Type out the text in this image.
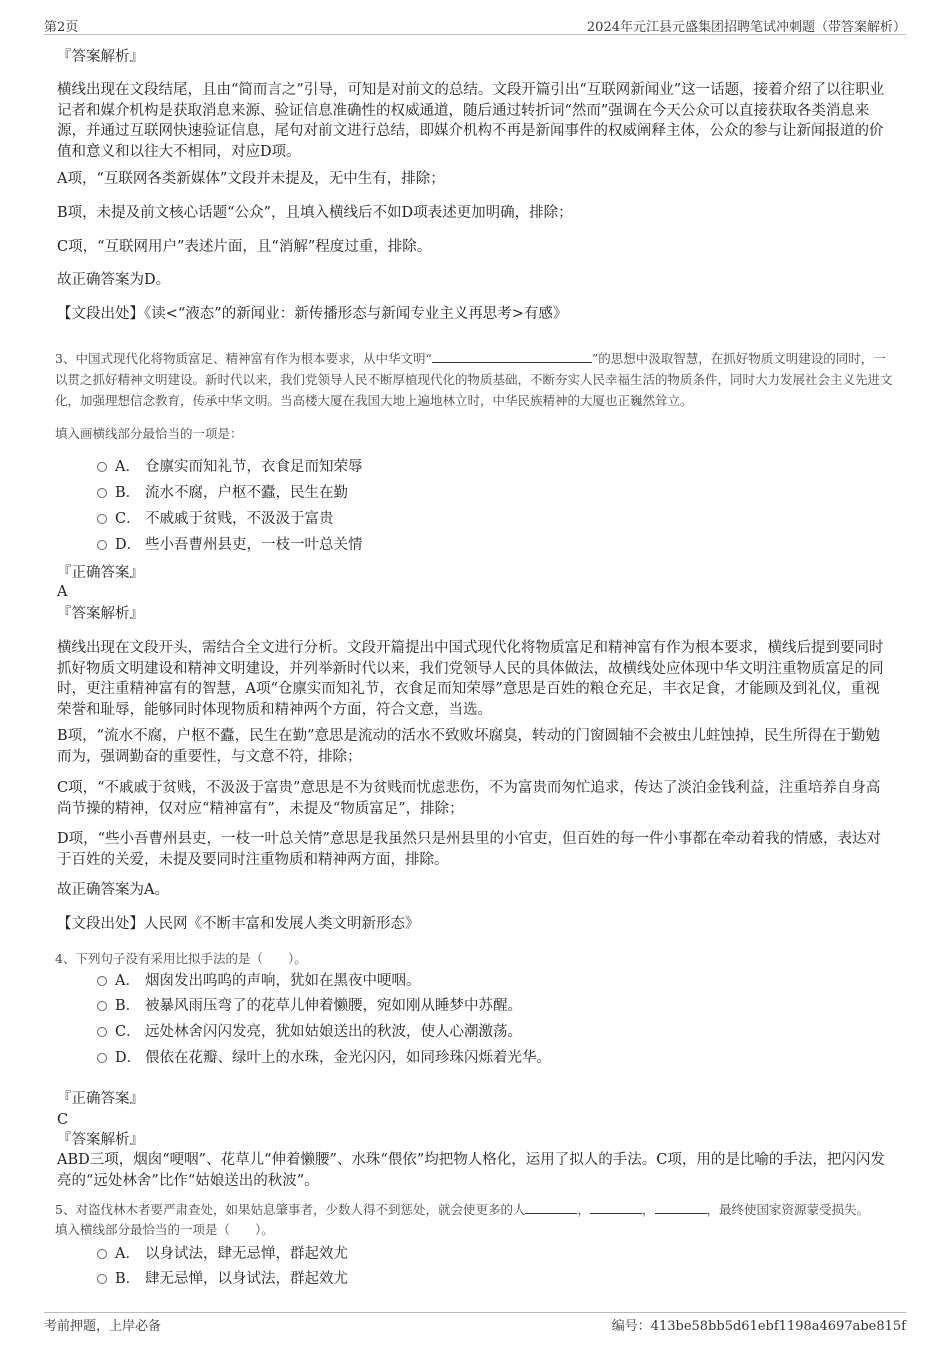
第2页	2024年元江县元盛集团招聘笔试冲刺题（带答案解析）
『答案解析』
横线出现在文段结尾，且由“简而言之”引导，可知是对前文的总结。文段开篇引出“互联网新闻业”这一话题，接着介绍了以往职业记者和媒介机构是获取消息来源、验证信息准确性的权威通道，随后通过转折词“然而”强调在今天公众可以直接获取各类消息来源，并通过互联网快速验证信息，尾句对前文进行总结，即媒介机构不再是新闻事件的权威阐释主体，公众的参与让新闻报道的价值和意义和以往大不相同，对应D项。
A项，“互联网各类新媒体”文段并未提及，无中生有，排除；
B项，未提及前文核心话题“公众”，且填入横线后不如D项表述更加明确，排除；
C项，“互联网用户”表述片面，且“消解”程度过重，排除。
故正确答案为D。
【文段出处】《读<“液态”的新闻业：新传播形态与新闻专业主义再思考>有感》
3、中国式现代化将物质富足、精神富有作为根本要求，从中华文明“	”的思想中汲取智慧，在抓好物质文明建设的同时，一以贯之抓好精神文明建设。新时代以来，我们党领导人民不断厚植现代化的物质基础，不断夯实人民幸福生活的物质条件，同时大力发展社会主义先进文化，加强理想信念教育，传承中华文明。当高楼大厦在我国大地上遍地林立时，中华民族精神的大厦也正巍然耸立。
填入画横线部分最恰当的一项是：
A． 仓廪实而知礼节，衣食足而知荣辱
B． 流水不腐，户枢不蠹，民生在勤
C． 不戚戚于贫贱，不汲汲于富贵
D． 些小吾曹州县吏，一枝一叶总关情
『正确答案』
A
『答案解析』
横线出现在文段开头，需结合全文进行分析。文段开篇提出中国式现代化将物质富足和精神富有作为根本要求，横线后提到要同时抓好物质文明建设和精神文明建设，并列举新时代以来，我们党领导人民的具体做法，故横线处应体现中华文明注重物质富足的同时，更注重精神富有的智慧，A项“仓廪实而知礼节，衣食足而知荣辱”意思是百姓的粮仓充足，丰衣足食，才能顾及到礼仪，重视荣誉和耻辱，能够同时体现物质和精神两个方面，符合文意，当选。
B项，“流水不腐，户枢不蠹，民生在勤”意思是流动的活水不致败坏腐臭，转动的门窗圆轴不会被虫儿蛀蚀掉，民生所得在于勤勉而为，强调勤奋的重要性，与文意不符，排除；
C项，“不戚戚于贫贱，不汲汲于富贵”意思是不为贫贱而忧虑悲伤，不为富贵而匆忙追求，传达了淡泊金钱利益，注重培养自身高尚节操的精神，仅对应“精神富有”，未提及“物质富足”，排除；
D项，“些小吾曹州县吏，一枝一叶总关情”意思是我虽然只是州县里的小官吏，但百姓的每一件小事都在牵动着我的情感，表达对于百姓的关爱，未提及要同时注重物质和精神两方面，排除。
故正确答案为A。
【文段出处】人民网《不断丰富和发展人类文明新形态》
4、下列句子没有采用比拟手法的是（　　）。
A． 烟囱发出呜呜的声响，犹如在黑夜中哽咽。
B． 被暴风雨压弯了的花草儿伸着懒腰，宛如刚从睡梦中苏醒。
C． 远处林舍闪闪发亮，犹如姑娘送出的秋波，使人心潮激荡。
D． 偎依在花瓣、绿叶上的水珠，金光闪闪，如同珍珠闪烁着光华。
『正确答案』
C
『答案解析』
ABD三项，烟囱“哽咽”、花草儿“伸着懒腰”、水珠“偎依”均把物人格化，运用了拟人的手法。C项，用的是比喻的手法，把闪闪发亮的“远处林舍”比作“姑娘送出的秋波”。
5、对盗伐林木者要严肃查处，如果姑息肇事者，少数人得不到惩处，就会使更多的人	，	，	，最终使国家资源蒙受损失。
填入横线部分最恰当的一项是（　　）。
A． 以身试法，肆无忌惮，群起效尤
B． 肆无忌惮，以身试法，群起效尤
考前押题，上岸必备	编号：413be58bb5d61ebf1198a4697abe815f
